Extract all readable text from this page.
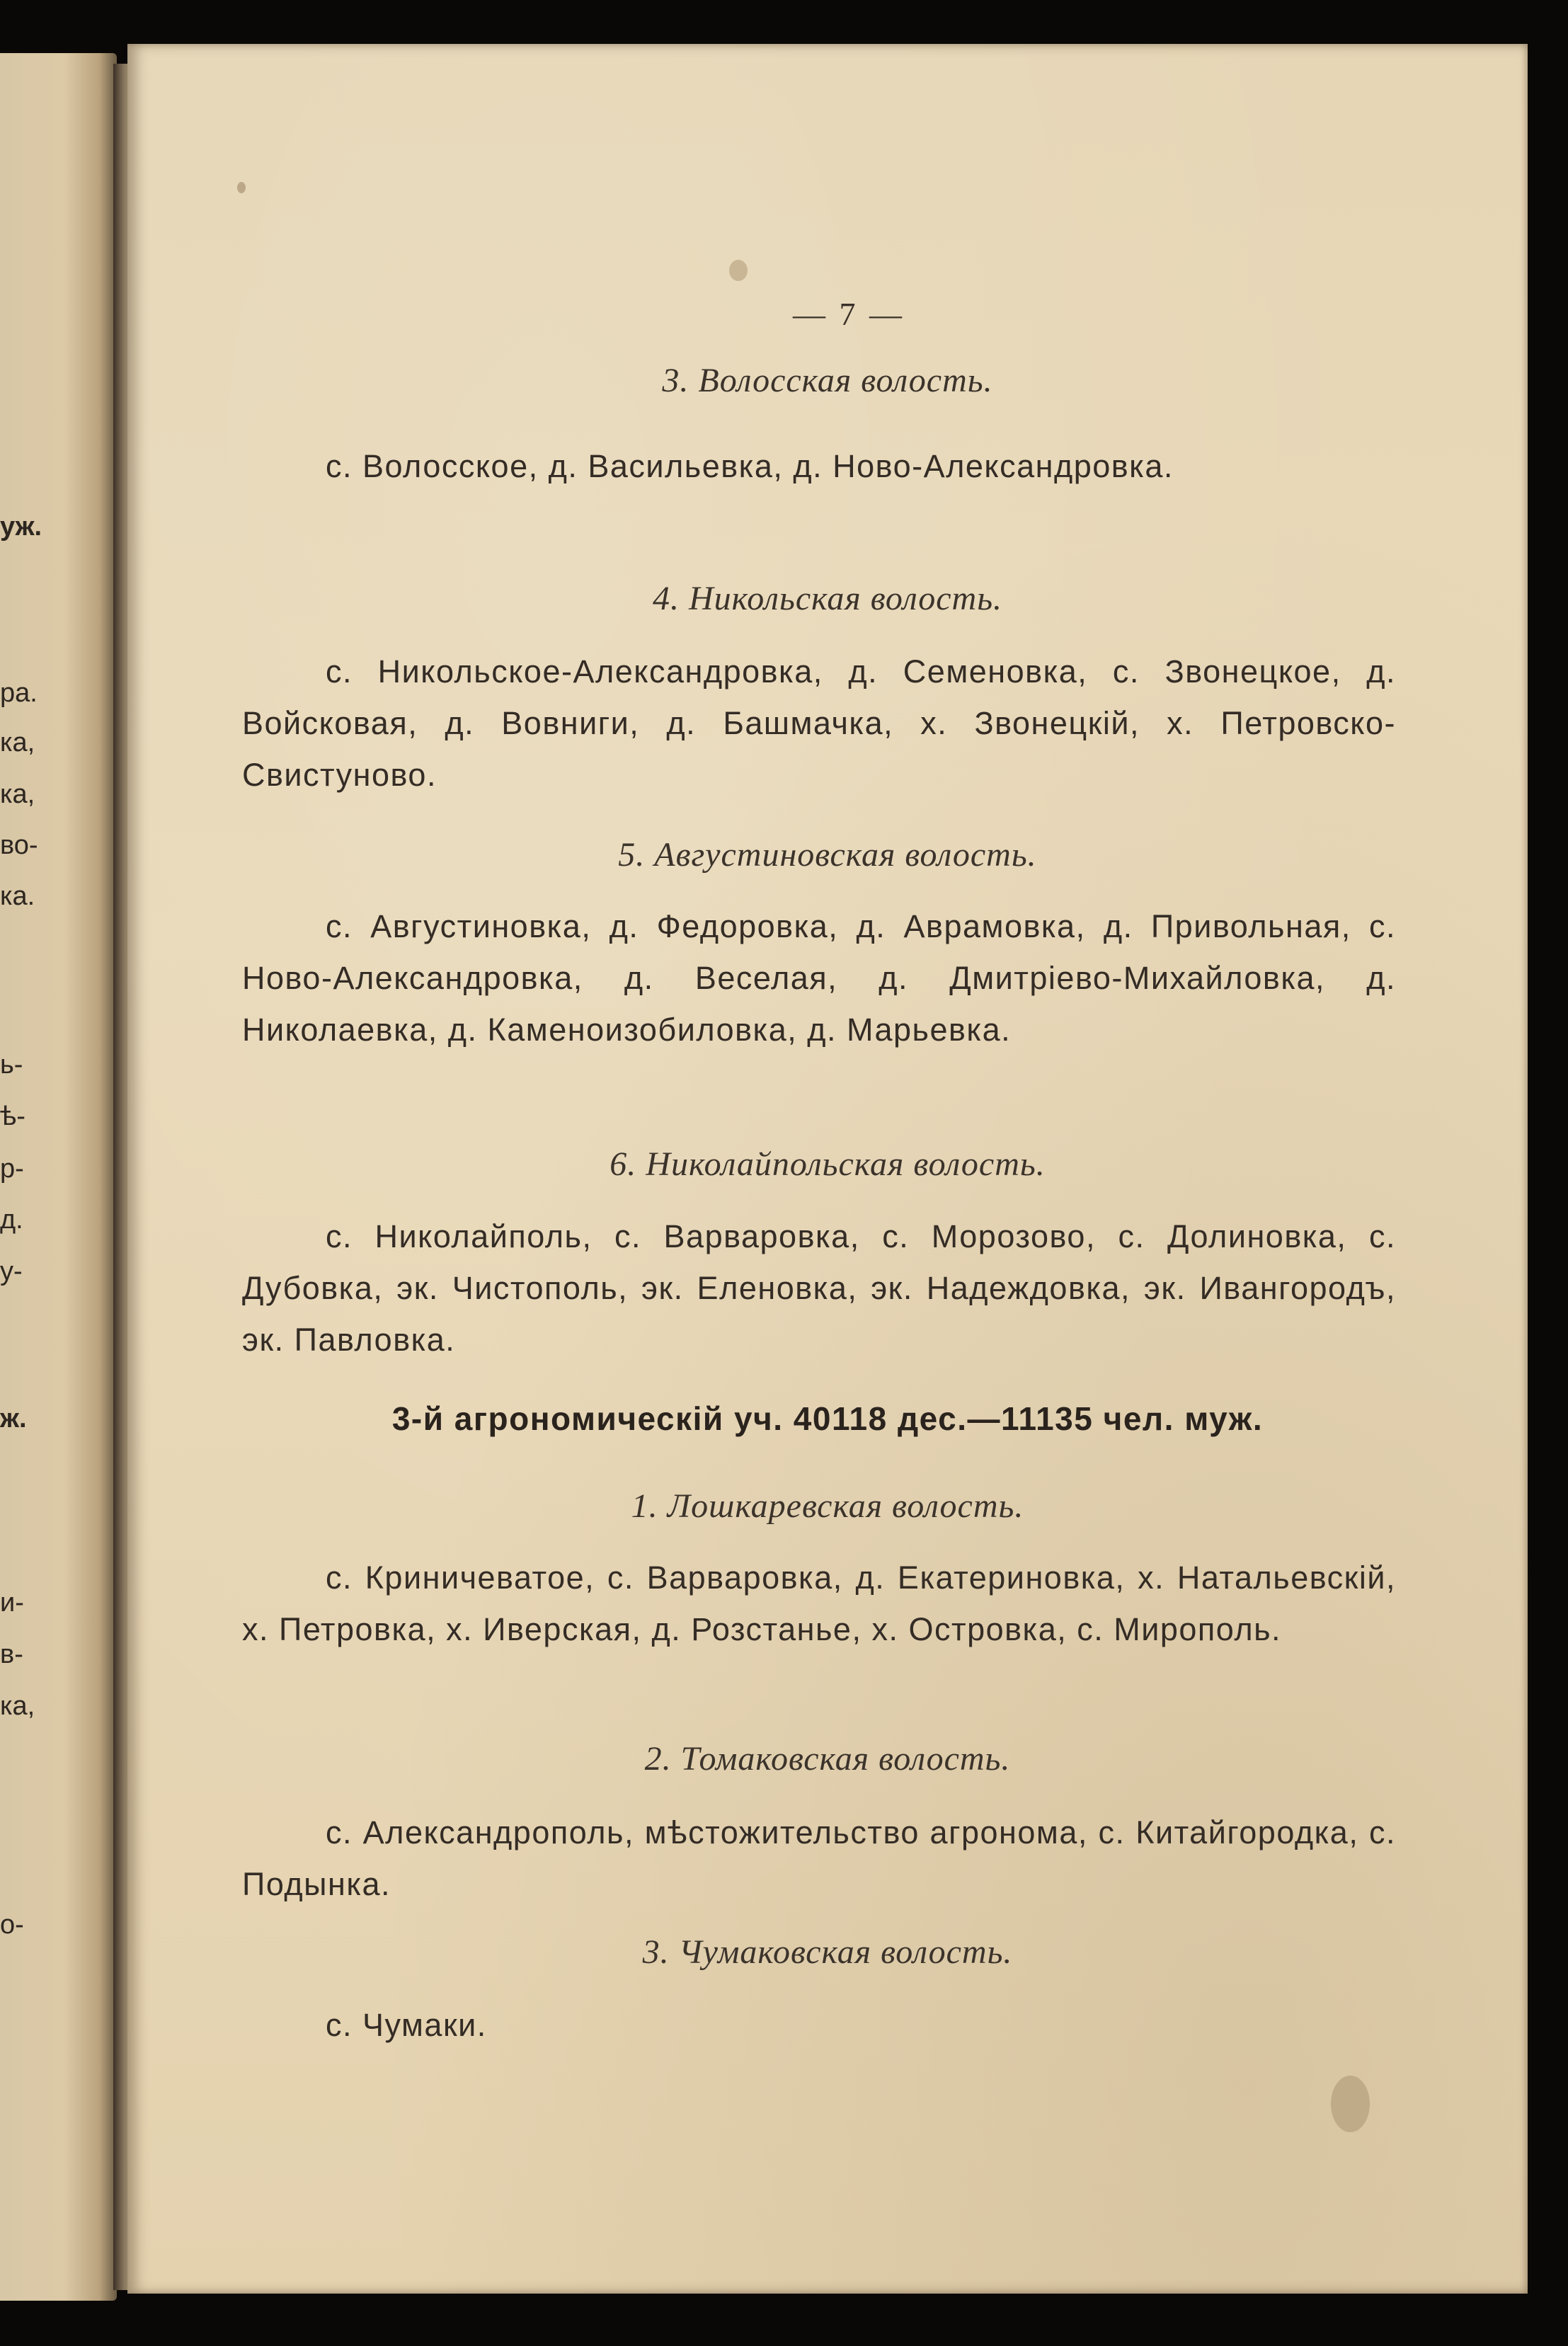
уж.
ра.
ка,
ка,
во-
ка.
ь-
ѣ-
р-
д.
у-
ж.
и-
в-
ка,
о-
— 7 —
3. Волосская волость.
с. Волосское, д. Васильевка, д. Ново-Александровка.
4. Никольская волость.
с. Никольское-Александровка, д. Семеновка, с. Звонецкое, д. Войсковая, д. Вовниги, д. Башмачка, х. Звонецкій, х. Петровско-Свистуново.
5. Августиновская волость.
с. Августиновка, д. Федоровка, д. Аврамовка, д. Привольная, с. Ново-Александровка, д. Веселая, д. Дмитріево-Михайловка, д. Николаевка, д. Каменоизобиловка, д. Марьевка.
6. Николайпольская волость.
с. Николайполь, с. Варваровка, с. Морозово, с. Долиновка, с. Дубовка, эк. Чистополь, эк. Еленовка, эк. Надеждовка, эк. Ивангородъ, эк. Павловка.
3-й агрономическій уч. 40118 дес.—11135 чел. муж.
1. Лошкаревская волость.
с. Криничеватое, с. Варваровка, д. Екатериновка, х. Натальевскій, х. Петровка, х. Иверская, д. Розстанье, х. Островка, с. Мирополь.
2. Томаковская волость.
с. Александрополь, мѣстожительство агронома, с. Китайгородка, с. Подынка.
3. Чумаковская волость.
с. Чумаки.
